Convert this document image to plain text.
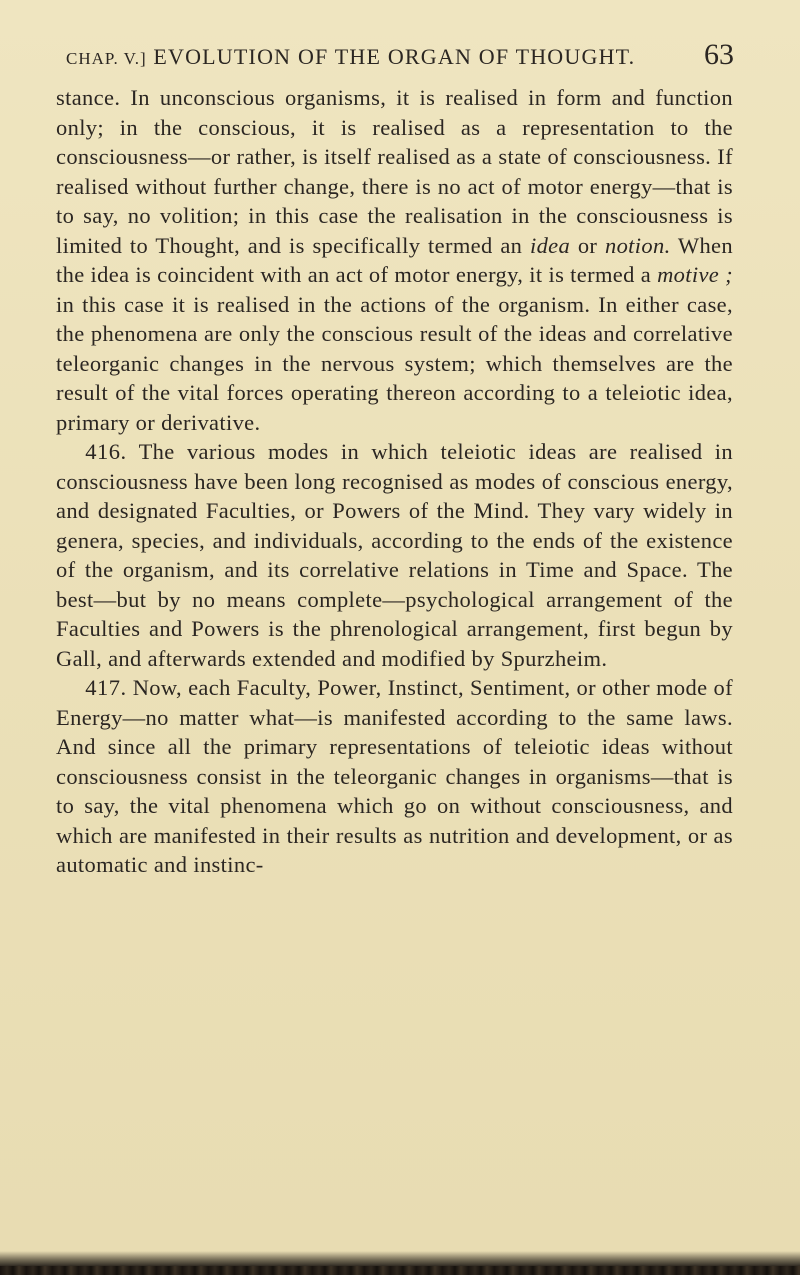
CHAP. V.] EVOLUTION OF THE ORGAN OF THOUGHT. 63

stance. In unconscious organisms, it is realised in form and function only; in the conscious, it is realised as a representation to the consciousness—or rather, is itself realised as a state of consciousness. If realised without further change, there is no act of motor energy—that is to say, no volition; in this case the realisation in the consciousness is limited to Thought, and is specifically termed an idea or notion. When the idea is coincident with an act of motor energy, it is termed a motive ; in this case it is realised in the actions of the organism. In either case, the phenomena are only the conscious result of the ideas and correlative teleorganic changes in the nervous system; which themselves are the result of the vital forces operating thereon according to a teleiotic idea, primary or derivative.

416. The various modes in which teleiotic ideas are realised in consciousness have been long recognised as modes of conscious energy, and designated Faculties, or Powers of the Mind. They vary widely in genera, species, and individuals, according to the ends of the existence of the organism, and its correlative relations in Time and Space. The best—but by no means complete—psychological arrangement of the Faculties and Powers is the phrenological arrangement, first begun by Gall, and afterwards extended and modified by Spurzheim.

417. Now, each Faculty, Power, Instinct, Sentiment, or other mode of Energy—no matter what—is manifested according to the same laws. And since all the primary representations of teleiotic ideas without consciousness consist in the teleorganic changes in organisms—that is to say, the vital phenomena which go on without consciousness, and which are manifested in their results as nutrition and development, or as automatic and instinc-
